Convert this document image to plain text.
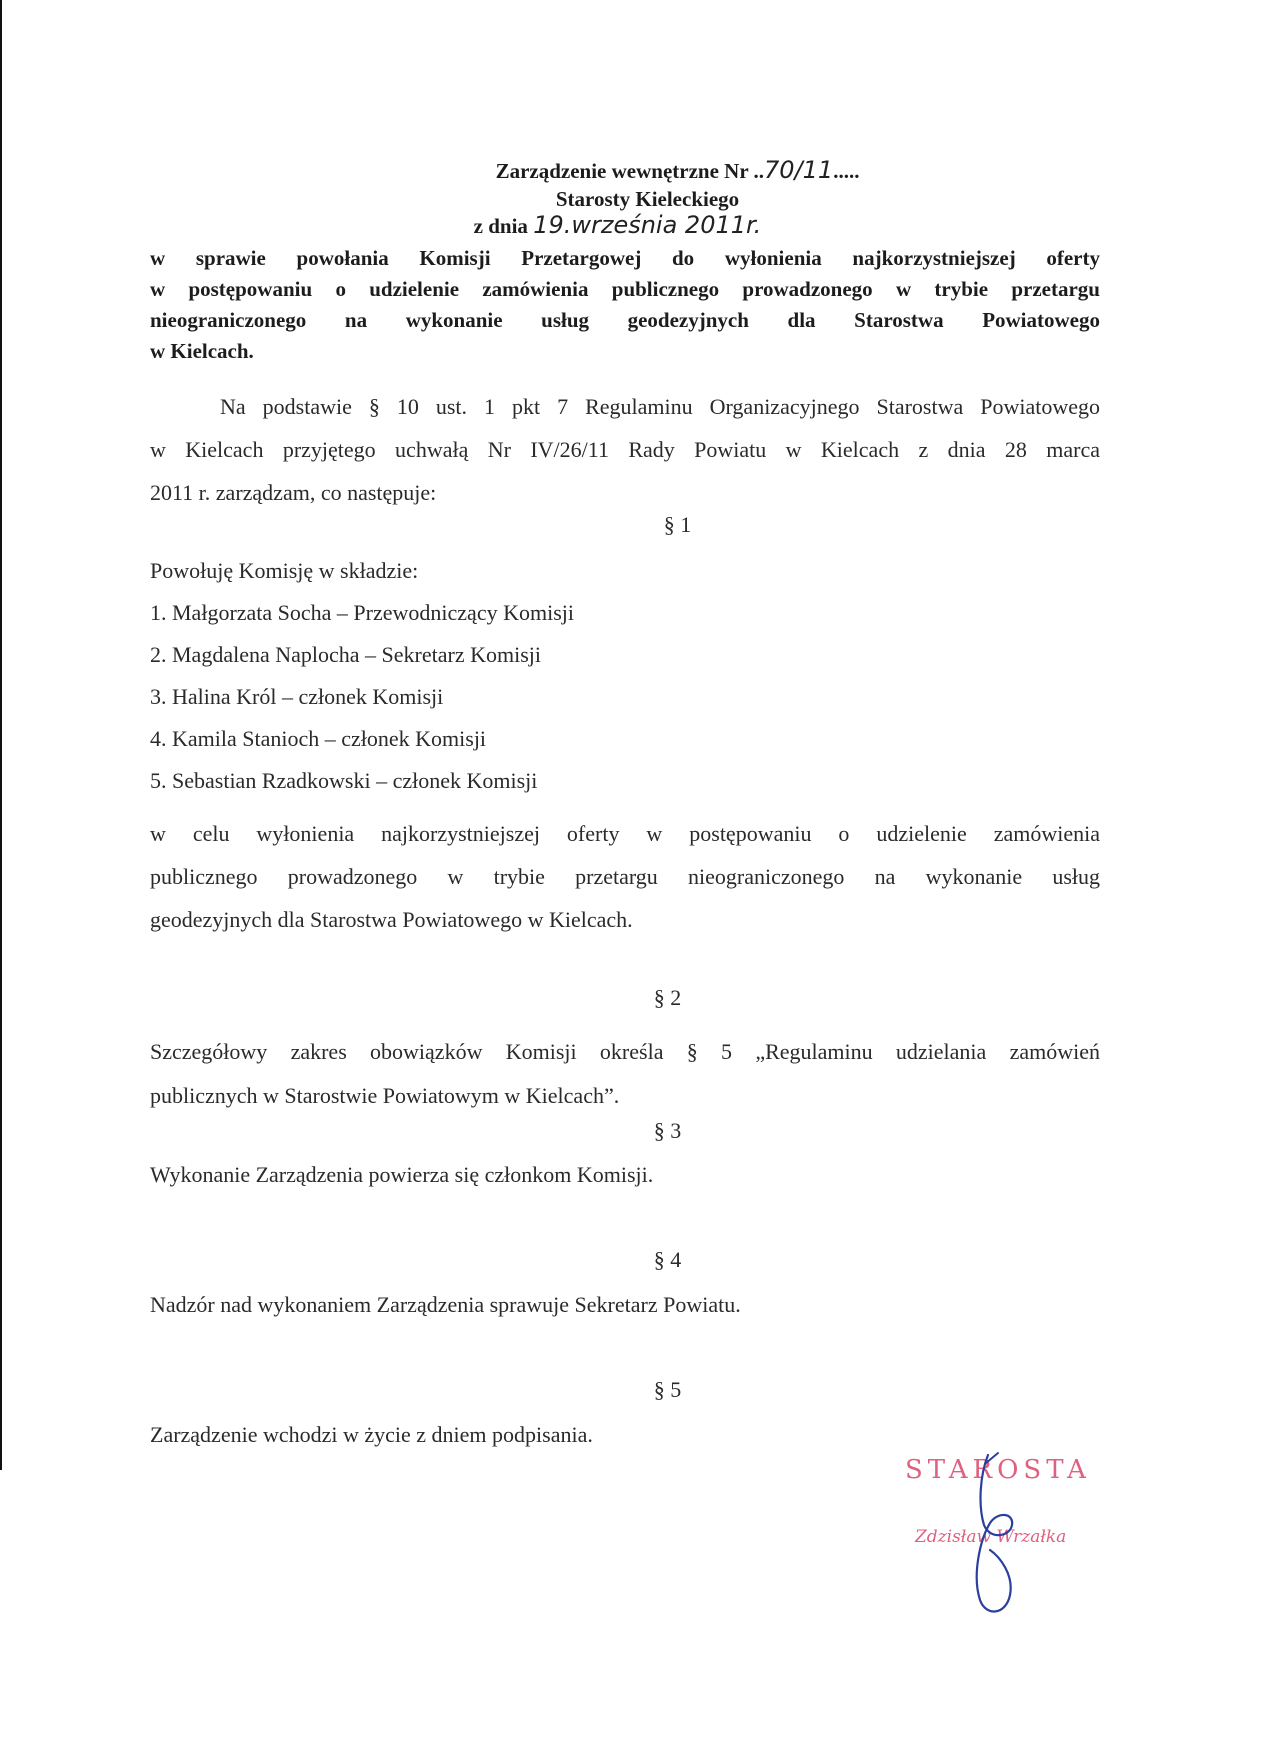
Zarządzenie wewnętrzne Nr ..70/11.....
Starosty Kieleckiego
z dnia 19.września 2011r.
w sprawie powołania Komisji Przetargowej do wyłonienia najkorzystniejszej oferty
w postępowaniu o udzielenie zamówienia publicznego prowadzonego w trybie przetargu
nieograniczonego na wykonanie usług geodezyjnych dla Starostwa Powiatowego
w Kielcach.
Na podstawie § 10 ust. 1 pkt 7 Regulaminu Organizacyjnego Starostwa Powiatowego
w Kielcach przyjętego uchwałą Nr IV/26/11 Rady Powiatu w Kielcach z dnia 28 marca
2011 r. zarządzam, co następuje:
§ 1
Powołuję Komisję w składzie:
1. Małgorzata Socha – Przewodniczący Komisji
2. Magdalena Naplocha – Sekretarz Komisji
3. Halina Król – członek Komisji
4. Kamila Stanioch – członek Komisji
5. Sebastian Rzadkowski – członek Komisji
w celu wyłonienia najkorzystniejszej oferty w postępowaniu o udzielenie zamówienia
publicznego prowadzonego w trybie przetargu nieograniczonego na wykonanie usług
geodezyjnych dla Starostwa Powiatowego w Kielcach.
§ 2
Szczegółowy zakres obowiązków Komisji określa § 5 „Regulaminu udzielania zamówień
publicznych w Starostwie Powiatowym w Kielcach”.
§ 3
Wykonanie Zarządzenia powierza się członkom Komisji.
§ 4
Nadzór nad wykonaniem Zarządzenia sprawuje Sekretarz Powiatu.
§ 5
Zarządzenie wchodzi w życie z dniem podpisania.
STAROSTA
Zdzisław Wrzałka
